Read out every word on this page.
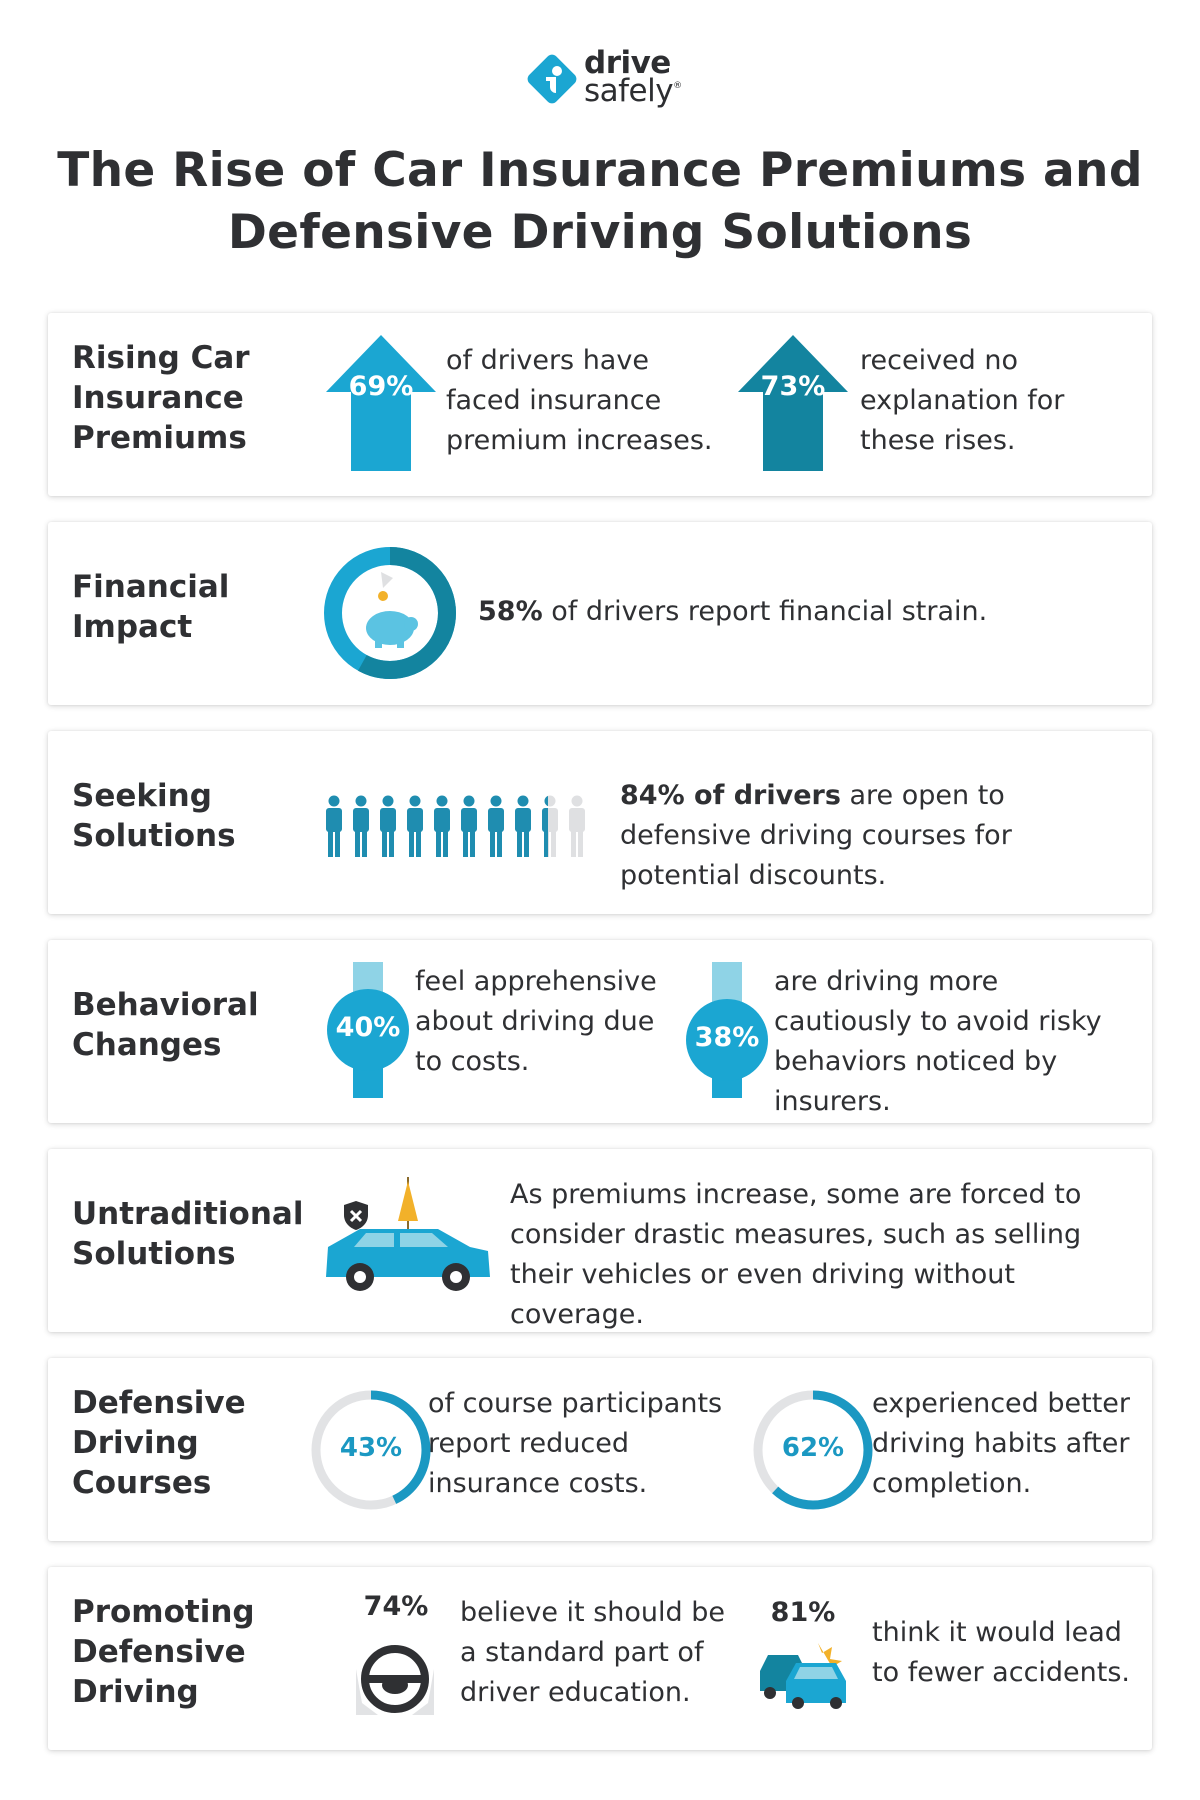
drive
safely®
The Rise of Car Insurance Premiums and Defensive Driving Solutions
Rising Car
Insurance
Premiums
69%
of drivers have faced insurance premium increases.
73%
received no explanation for these rises.
Financial
Impact	58% of drivers report financial strain.
Seeking
Solutions
84% of drivers are open to defensive driving courses for potential discounts.
Behavioral
Changes	40%
feel apprehensive about driving due to costs.
38%
are driving more cautiously to avoid risky behaviors noticed by insurers.
Untraditional
Solutions
As premiums increase, some are forced to consider drastic measures, such as selling their vehicles or even driving without coverage.
Defensive
Driving
Courses
43%
of course participants report reduced insurance costs.
62%
experienced better driving habits after completion.
Promoting
Defensive
Driving
74%	believe it should be a standard part of driver education.
81%
think it would lead to fewer accidents.
